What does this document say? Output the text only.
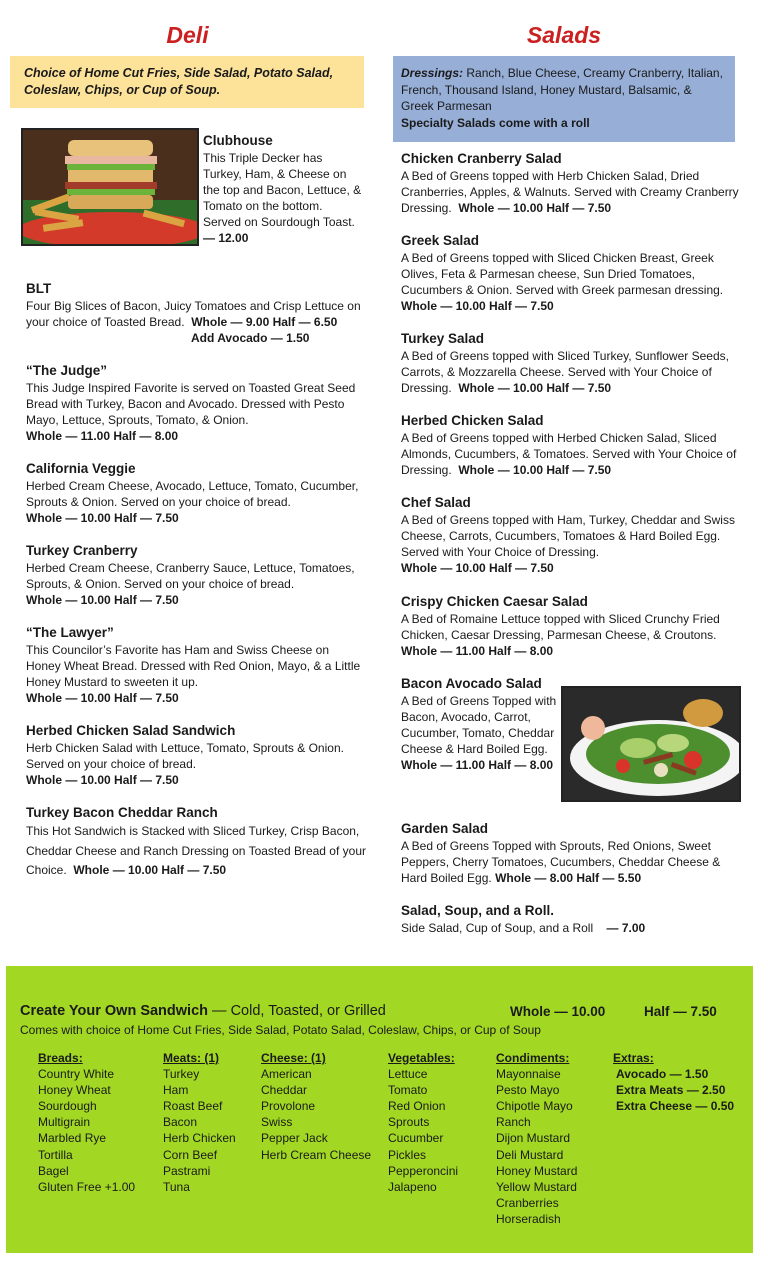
Deli
Choice of Home Cut Fries, Side Salad, Potato Salad, Coleslaw, Chips, or Cup of Soup.
Clubhouse
This Triple Decker has Turkey, Ham, & Cheese on the top and Bacon, Lettuce, & Tomato on the bottom. Served on Sourdough Toast.
— 12.00
BLT
Four Big Slices of Bacon, Juicy Tomatoes and Crisp Lettuce on your choice of Toasted Bread. Whole — 9.00 Half — 6.50
Add Avocado — 1.50
“The Judge”
This Judge Inspired Favorite is served on Toasted Great Seed Bread with Turkey, Bacon and Avocado. Dressed with Pesto Mayo, Lettuce, Sprouts, Tomato, & Onion.
Whole — 11.00 Half — 8.00
California Veggie
Herbed Cream Cheese, Avocado, Lettuce, Tomato, Cucumber, Sprouts & Onion. Served on your choice of bread.
Whole — 10.00 Half — 7.50
Turkey Cranberry
Herbed Cream Cheese, Cranberry Sauce, Lettuce, Tomatoes, Sprouts, & Onion. Served on your choice of bread.
Whole — 10.00 Half — 7.50
“The Lawyer”
This Councilor’s Favorite has Ham and Swiss Cheese on Honey Wheat Bread. Dressed with Red Onion, Mayo, & a Little Honey Mustard to sweeten it up.
Whole — 10.00 Half — 7.50
Herbed Chicken Salad Sandwich
Herb Chicken Salad with Lettuce, Tomato, Sprouts & Onion. Served on your choice of bread.
Whole — 10.00 Half — 7.50
Turkey Bacon Cheddar Ranch
This Hot Sandwich is Stacked with Sliced Turkey, Crisp Bacon, Cheddar Cheese and Ranch Dressing on Toasted Bread of your Choice. Whole — 10.00 Half — 7.50
Salads
Dressings: Ranch, Blue Cheese, Creamy Cranberry, Italian, French, Thousand Island, Honey Mustard, Balsamic, & Greek Parmesan
Specialty Salads come with a roll
Chicken Cranberry Salad
A Bed of Greens topped with Herb Chicken Salad, Dried Cranberries, Apples, & Walnuts. Served with Creamy Cranberry Dressing. Whole — 10.00 Half — 7.50
Greek Salad
A Bed of Greens topped with Sliced Chicken Breast, Greek Olives, Feta & Parmesan cheese, Sun Dried Tomatoes, Cucumbers & Onion. Served with Greek parmesan dressing.
Whole — 10.00 Half — 7.50
Turkey Salad
A Bed of Greens topped with Sliced Turkey, Sunflower Seeds, Carrots, & Mozzarella Cheese. Served with Your Choice of Dressing. Whole — 10.00 Half — 7.50
Herbed Chicken Salad
A Bed of Greens topped with Herbed Chicken Salad, Sliced Almonds, Cucumbers, & Tomatoes. Served with Your Choice of Dressing. Whole — 10.00 Half — 7.50
Chef Salad
A Bed of Greens topped with Ham, Turkey, Cheddar and Swiss Cheese, Carrots, Cucumbers, Tomatoes & Hard Boiled Egg. Served with Your Choice of Dressing.
Whole — 10.00 Half — 7.50
Crispy Chicken Caesar Salad
A Bed of Romaine Lettuce topped with Sliced Crunchy Fried Chicken, Caesar Dressing, Parmesan Cheese, & Croutons.
Whole — 11.00 Half — 8.00
Bacon Avocado Salad
A Bed of Greens Topped with Bacon, Avocado, Carrot, Cucumber, Tomato, Cheddar Cheese & Hard Boiled Egg.
Whole — 11.00 Half — 8.00
Garden Salad
A Bed of Greens Topped with Sprouts, Red Onions, Sweet Peppers, Cherry Tomatoes, Cucumbers, Cheddar Cheese & Hard Boiled Egg. Whole — 8.00 Half — 5.50
Salad, Soup, and a Roll.
Side Salad, Cup of Soup, and a Roll — 7.00
Create Your Own Sandwich — Cold, Toasted, or Grilled	Whole — 10.00	Half — 7.50
Comes with choice of Home Cut Fries, Side Salad, Potato Salad, Coleslaw, Chips, or Cup of Soup
Breads:
Country White
Honey Wheat
Sourdough
Multigrain
Marbled Rye
Tortilla
Bagel
Gluten Free +1.00
Meats: (1)
Turkey
Ham
Roast Beef
Bacon
Herb Chicken
Corn Beef
Pastrami
Tuna
Cheese: (1)
American
Cheddar
Provolone
Swiss
Pepper Jack
Herb Cream Cheese
Vegetables:
Lettuce
Tomato
Red Onion
Sprouts
Cucumber
Pickles
Pepperoncini
Jalapeno
Condiments:
Mayonnaise
Pesto Mayo
Chipotle Mayo
Ranch
Dijon Mustard
Deli Mustard
Honey Mustard
Yellow Mustard
Cranberries
Horseradish
Extras:
Avocado — 1.50
Extra Meats — 2.50
Extra Cheese — 0.50
